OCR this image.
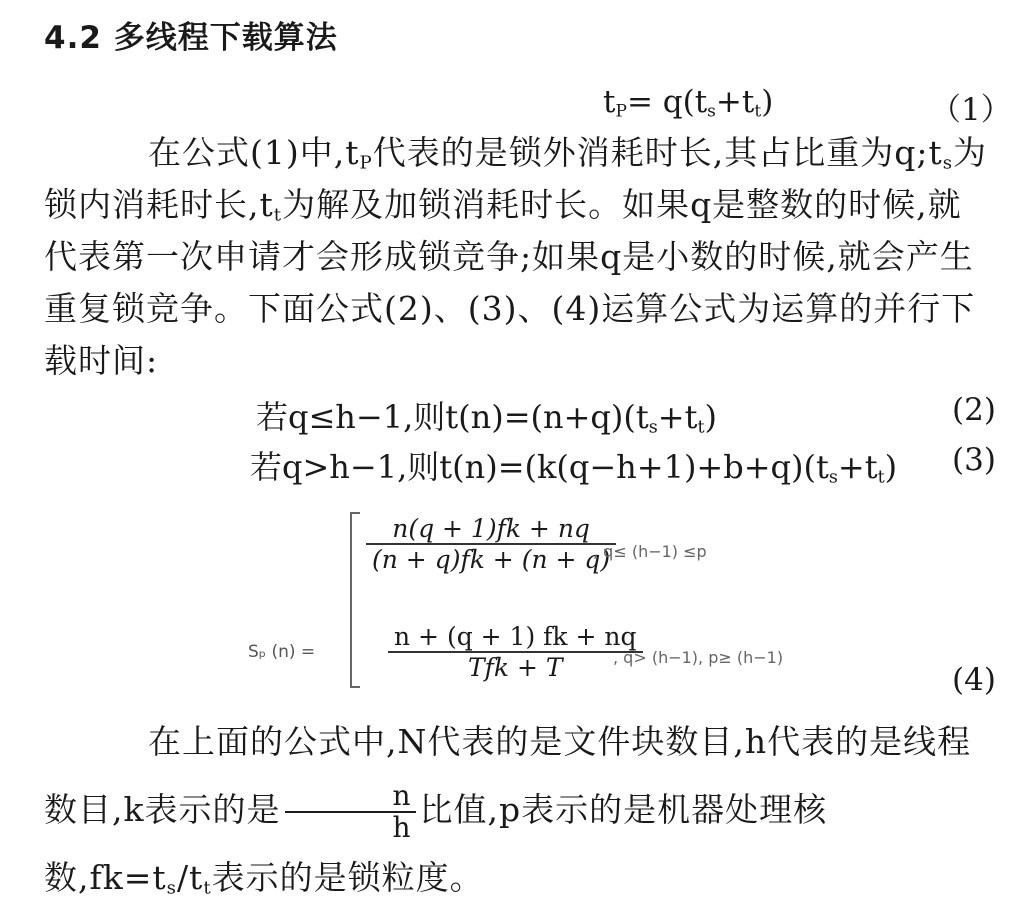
4.2 多线程下载算法
$t_P= q(t_s+t_t)$	（1）
在公式(1)中$,t_P$代表的是锁外消耗时长,其占比重为$q;t_s$为锁内消耗时长$,t_t$为解及加锁消耗时长。如果q是整数的时候,就代表第一次申请才会形成锁竞争;如果q是小数的时候,就会产生重复锁竞争。下面公式(2)、(3)、(4)运算公式为运算的并行下载时间:
若q≤h−1,则$t(n)=(n+q)(t_s+t_t)$	(2)
若q>h−1,则$t(n)=(k(q-h+1)+b+q)(t_s+t_t)$ (3)
Sₚ (n) =
$\frac{n(q + 1)fk + nq}{(n + q)fk + (n + q)}$
, q≤ (h−1) ≤p
n + (q + 1) fk + nq
Tfk + T	, q> (h−1), p≥ (h−1)
(4)
在上面的公式中,N代表的是文件块数目,h代表的是线程数目,k表示的是 $\frac{n}{h}$ 比值,p表示的是机器处理核数$,fk=t_s/t_t$表示的是锁粒度。
